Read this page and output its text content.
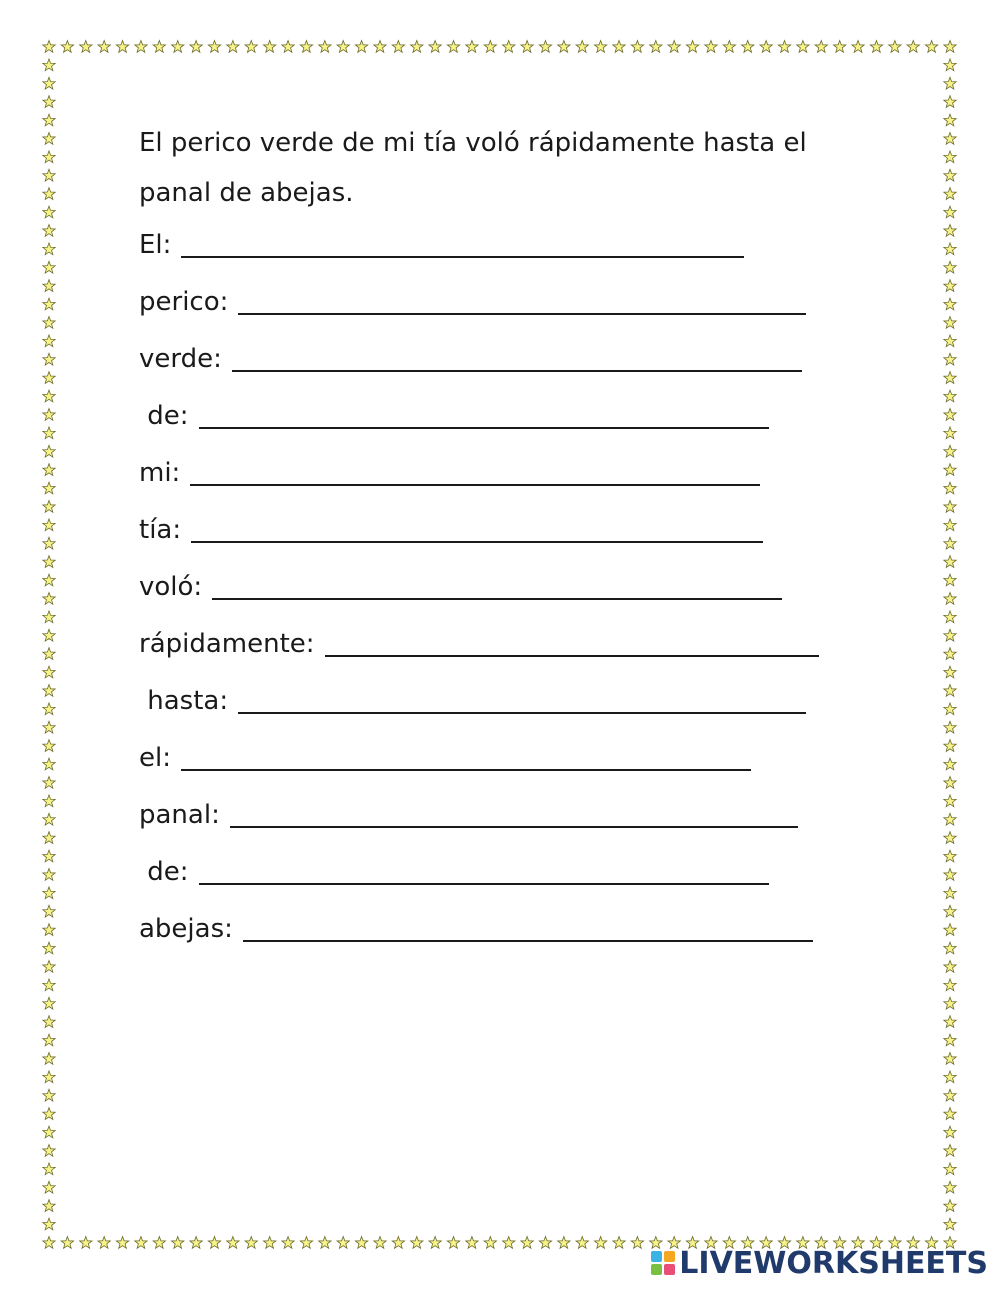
El perico verde de mi tía voló rápidamente hasta el panal de abejas.

El:
perico:
verde:
de:
mi:
tía:
voló:
rápidamente:
hasta:
el:
panal:
de:
abejas:
LIVEWORKSHEETS
